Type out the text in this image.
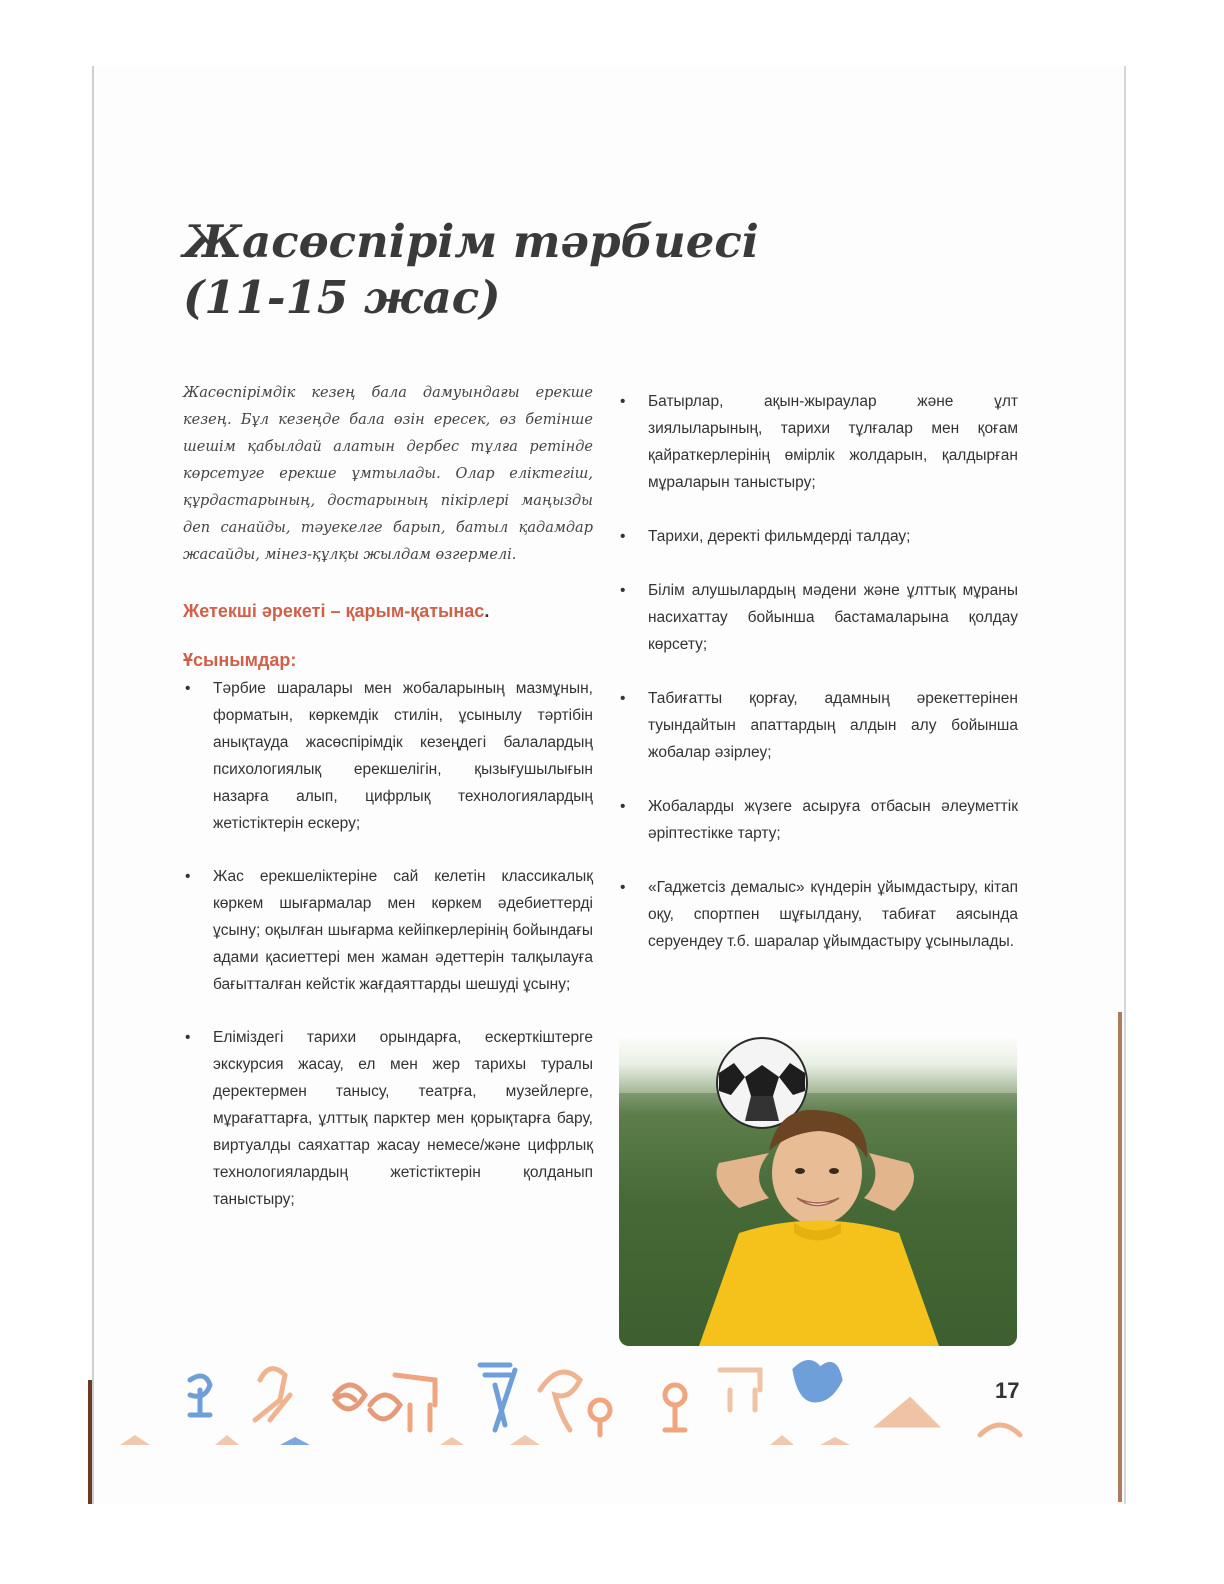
Жасөспірім тәрбиесі
(11-15 жас)

Жасөспірімдік кезең бала дамуындағы ерекше кезең. Бұл кезеңде бала өзін ересек, өз бетінше шешім қабылдай алатын дербес тұлға ретінде көрсетуге ерекше ұмтылады. Олар еліктегіш, құрдастарының, достарының пікірлері маңызды деп санайды, тәуекелге барып, батыл қадамдар жасайды, мінез-құлқы жылдам өзгермелі.

Жетекші әрекеті – қарым-қатынас.

Ұсынымдар:

• Тәрбие шаралары мен жобаларының мазмұнын, форматын, көркемдік стилін, ұсынылу тәртібін анықтауда жасөспірімдік кезеңдегі балалардың психологиялық ерекшелігін, қызығушылығын назарға алып, цифрлық технологиялардың жетістіктерін ескеру;
• Жас ерекшеліктеріне сай келетін классикалық көркем шығармалар мен көркем әдебиеттерді ұсыну; оқылған шығарма кейіпкерлерінің бойындағы адами қасиеттері мен жаман әдеттерін талқылауға бағытталған кейстік жағдаяттарды шешуді ұсыну;
• Еліміздегі тарихи орындарға, ескерткіштерге экскурсия жасау, ел мен жер тарихы туралы деректермен танысу, театрға, музейлерге, мұрағаттарға, ұлттық парктер мен қорықтарға бару, виртуалды саяхаттар жасау немесе/және цифрлық технологиялардың жетістіктерін қолданып таныстыру;
• Батырлар, ақын-жыраулар және ұлт зиялыларының, тарихи тұлғалар мен қоғам қайраткерлерінің өмірлік жолдарын, қалдырған мұраларын таныстыру;
• Тарихи, деректі фильмдерді талдау;
• Білім алушылардың мәдени және ұлттық мұраны насихаттау бойынша бастамаларына қолдау көрсету;
• Табиғатты қорғау, адамның әрекеттерінен туындайтын апаттардың алдын алу бойынша жобалар әзірлеу;
• Жобаларды жүзеге асыруға отбасын әлеуметтік әріптестікке тарту;
• «Гаджетсіз демалыс» күндерін ұйымдастыру, кітап оқу, спортпен шұғылдану, табиғат аясында серуендеу т.б. шаралар ұйымдастыру ұсынылады.
17
